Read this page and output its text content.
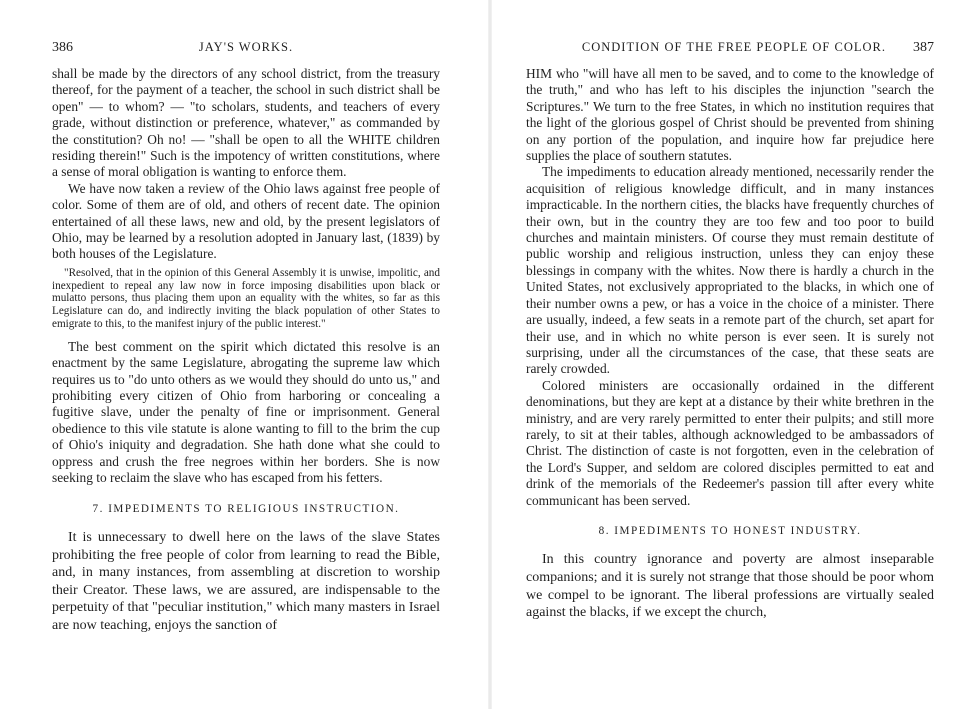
386	JAY'S WORKS.

shall be made by the directors of any school district, from the treasury thereof, for the payment of a teacher, the school in such district shall be open" — to whom? — "to scholars, students, and teachers of every grade, without distinction or preference, whatever," as commanded by the constitution? Oh no! — "shall be open to all the WHITE children residing therein!" Such is the impotency of written constitutions, where a sense of moral obligation is wanting to enforce them.

We have now taken a review of the Ohio laws against free people of color. Some of them are of old, and others of recent date. The opinion entertained of all these laws, new and old, by the present legislators of Ohio, may be learned by a resolution adopted in January last, (1839) by both houses of the Legislature.

"Resolved, that in the opinion of this General Assembly it is unwise, impolitic, and inexpedient to repeal any law now in force imposing disabilities upon black or mulatto persons, thus placing them upon an equality with the whites, so far as this Legislature can do, and indirectly inviting the black population of other States to emigrate to this, to the manifest injury of the public interest."

The best comment on the spirit which dictated this resolve is an enactment by the same Legislature, abrogating the supreme law which requires us to "do unto others as we would they should do unto us," and prohibiting every citizen of Ohio from harboring or concealing a fugitive slave, under the penalty of fine or imprisonment. General obedience to this vile statute is alone wanting to fill to the brim the cup of Ohio's iniquity and degradation. She hath done what she could to oppress and crush the free negroes within her borders. She is now seeking to reclaim the slave who has escaped from his fetters.

7. IMPEDIMENTS TO RELIGIOUS INSTRUCTION.

It is unnecessary to dwell here on the laws of the slave States prohibiting the free people of color from learning to read the Bible, and, in many instances, from assembling at discretion to worship their Creator. These laws, we are assured, are indispensable to the perpetuity of that "peculiar institution," which many masters in Israel are now teaching, enjoys the sanction of

CONDITION OF THE FREE PEOPLE OF COLOR. 387

HIM who "will have all men to be saved, and to come to the knowledge of the truth," and who has left to his disciples the injunction "search the Scriptures." We turn to the free States, in which no institution requires that the light of the glorious gospel of Christ should be prevented from shining on any portion of the population, and inquire how far prejudice here supplies the place of southern statutes.

The impediments to education already mentioned, necessarily render the acquisition of religious knowledge difficult, and in many instances impracticable. In the northern cities, the blacks have frequently churches of their own, but in the country they are too few and too poor to build churches and maintain ministers. Of course they must remain destitute of public worship and religious instruction, unless they can enjoy these blessings in company with the whites. Now there is hardly a church in the United States, not exclusively appropriated to the blacks, in which one of their number owns a pew, or has a voice in the choice of a minister. There are usually, indeed, a few seats in a remote part of the church, set apart for their use, and in which no white person is ever seen. It is surely not surprising, under all the circumstances of the case, that these seats are rarely crowded.

Colored ministers are occasionally ordained in the different denominations, but they are kept at a distance by their white brethren in the ministry, and are very rarely permitted to enter their pulpits; and still more rarely, to sit at their tables, although acknowledged to be ambassadors of Christ. The distinction of caste is not forgotten, even in the celebration of the Lord's Supper, and seldom are colored disciples permitted to eat and drink of the memorials of the Redeemer's passion till after every white communicant has been served.

8. IMPEDIMENTS TO HONEST INDUSTRY.

In this country ignorance and poverty are almost inseparable companions; and it is surely not strange that those should be poor whom we compel to be ignorant. The liberal professions are virtually sealed against the blacks, if we except the church,
